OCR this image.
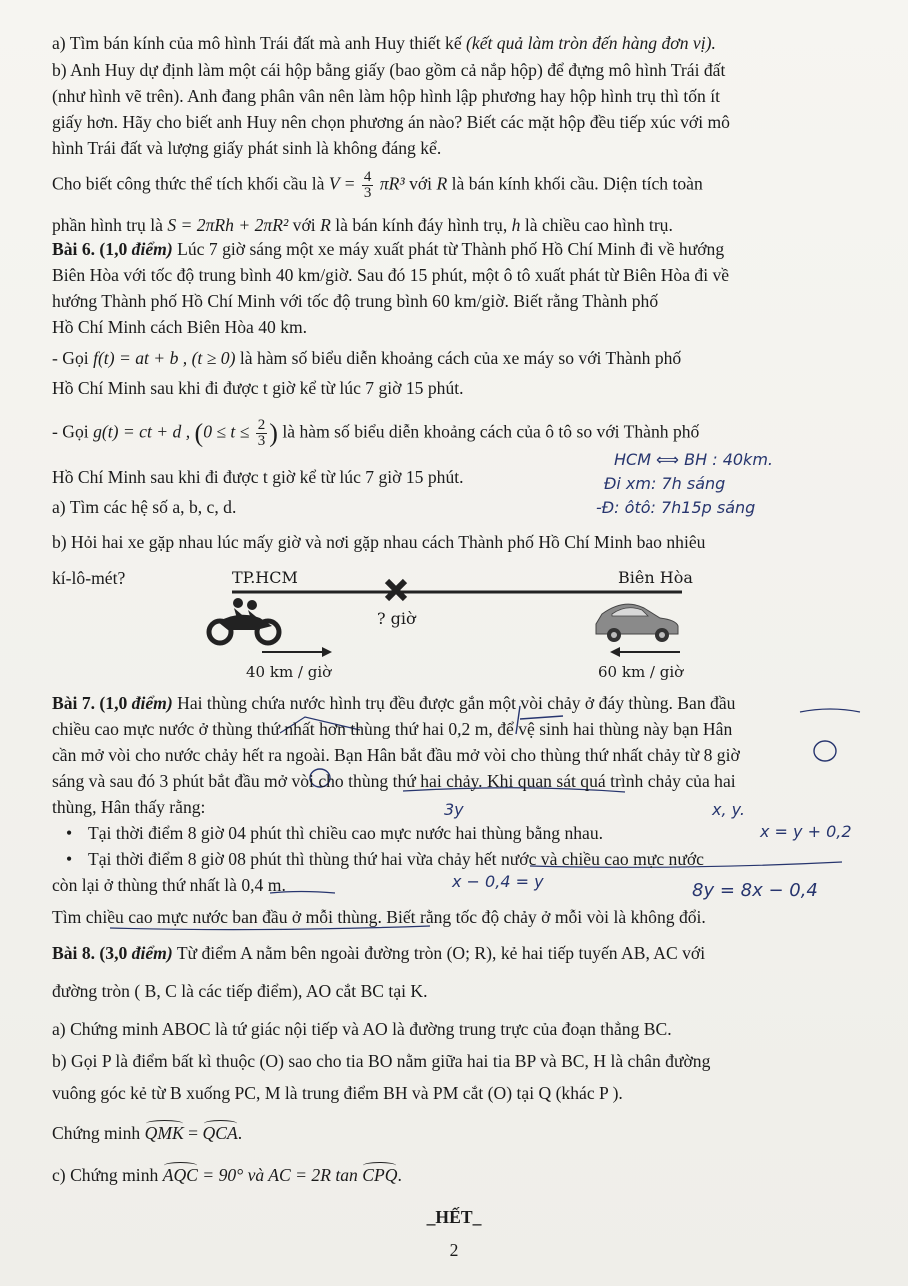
a) Tìm bán kính của mô hình Trái đất mà anh Huy thiết kế (kết quả làm tròn đến hàng đơn vị).
b) Anh Huy dự định làm một cái hộp bằng giấy (bao gồm cả nắp hộp) để đựng mô hình Trái đất
(như hình vẽ trên). Anh đang phân vân nên làm hộp hình lập phương hay hộp hình trụ thì tốn ít
giấy hơn. Hãy cho biết anh Huy nên chọn phương án nào? Biết các mặt hộp đều tiếp xúc với mô
hình Trái đất và lượng giấy phát sinh là không đáng kể.
Cho biết công thức thể tích khối cầu là $V = \frac{4}{3} \pi R^3$ với R là bán kính khối cầu. Diện tích toàn
phần hình trụ là S = 2πRh + 2πR² với R là bán kính đáy hình trụ, h là chiều cao hình trụ.
Bài 6. (1,0 điểm) Lúc 7 giờ sáng một xe máy xuất phát từ Thành phố Hồ Chí Minh đi về hướng
Biên Hòa với tốc độ trung bình 40 km/giờ. Sau đó 15 phút, một ô tô xuất phát từ Biên Hòa đi về
hướng Thành phố Hồ Chí Minh với tốc độ trung bình 60 km/giờ. Biết rằng Thành phố
Hồ Chí Minh cách Biên Hòa 40 km.
- Gọi f(t) = at + b , (t ≥ 0) là hàm số biểu diễn khoảng cách của xe máy so với Thành phố
Hồ Chí Minh sau khi đi được t giờ kể từ lúc 7 giờ 15 phút.
- Gọi g(t) = ct + d , ($0 \le t \le \frac{2}{3}$ ) là hàm số biểu diễn khoảng cách của ô tô so với Thành phố
Hồ Chí Minh sau khi đi được t giờ kể từ lúc 7 giờ 15 phút.
a) Tìm các hệ số a, b, c, d.
b) Hỏi hai xe gặp nhau lúc mấy giờ và nơi gặp nhau cách Thành phố Hồ Chí Minh bao nhiêu
kí-lô-mét?	TP.HCM	Biên Hòa
? giờ
40 km / giờ	60 km / giờ
Bài 7. (1,0 điểm) Hai thùng chứa nước hình trụ đều được gắn một vòi chảy ở đáy thùng. Ban đầu
chiều cao mực nước ở thùng thứ nhất hơn thùng thứ hai 0,2 m, để vệ sinh hai thùng này bạn Hân
cần mở vòi cho nước chảy hết ra ngoài. Bạn Hân bắt đầu mở vòi cho thùng thứ nhất chảy từ 8 giờ
sáng và sau đó 3 phút bắt đầu mở vòi cho thùng thứ hai chảy. Khi quan sát quá trình chảy của hai
thùng, Hân thấy rằng:
• Tại thời điểm 8 giờ 04 phút thì chiều cao mực nước hai thùng bằng nhau.
• Tại thời điểm 8 giờ 08 phút thì thùng thứ hai vừa chảy hết nước và chiều cao mực nước
còn lại ở thùng thứ nhất là 0,4 m.
Tìm chiều cao mực nước ban đầu ở mỗi thùng. Biết rằng tốc độ chảy ở mỗi vòi là không đổi.
Bài 8. (3,0 điểm) Từ điểm A nằm bên ngoài đường tròn (O; R), kẻ hai tiếp tuyến AB, AC với
đường tròn ( B, C là các tiếp điểm), AO cắt BC tại K.
a) Chứng minh ABOC là tứ giác nội tiếp và AO là đường trung trực của đoạn thẳng BC.
b) Gọi P là điểm bất kì thuộc (O) sao cho tia BO nằm giữa hai tia BP và BC, H là chân đường
vuông góc kẻ từ B xuống PC, M là trung điểm BH và PM cắt (O) tại Q (khác P ).
Chứng minh QMK = QCA.
c) Chứng minh AQC = 90° và AC = 2R tan CPQ.
_HẾT_
2
HCM ⟺ BH : 40km.
Đi xm: 7h sáng
-Đ: ôtô: 7h15p sáng
3y	x, y.
x = y + 0,2
x − 0,4 = y	8y = 8x − 0,4
